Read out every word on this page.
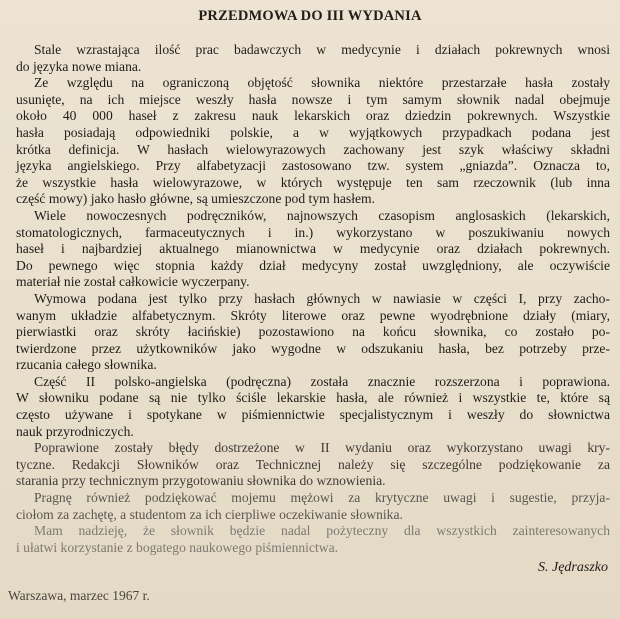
PRZEDMOWA DO III WYDANIA

Stale wzrastająca ilość prac badawczych w medycynie i działach pokrewnych wnosi
do języka nowe miana.

Ze względu na ograniczoną objętość słownika niektóre przestarzałe hasła zostały
usunięte, na ich miejsce weszły hasła nowsze i tym samym słownik nadal obejmuje
około 40 000 haseł z zakresu nauk lekarskich oraz dziedzin pokrewnych. Wszystkie
hasła posiadają odpowiedniki polskie, a w wyjątkowych przypadkach podana jest
krótka definicja. W hasłach wielowyrazowych zachowany jest szyk właściwy składni
języka angielskiego. Przy alfabetyzacji zastosowano tzw. system „gniazda”. Oznacza to,
że wszystkie hasła wielowyrazowe, w których występuje ten sam rzeczownik (lub inna
część mowy) jako hasło główne, są umieszczone pod tym hasłem.

Wiele nowoczesnych podręczników, najnowszych czasopism anglosaskich (lekarskich,
stomatologicznych, farmaceutycznych i in.) wykorzystano w poszukiwaniu nowych
haseł i najbardziej aktualnego mianownictwa w medycynie oraz działach pokrewnych.
Do pewnego więc stopnia każdy dział medycyny został uwzględniony, ale oczywiście
materiał nie został całkowicie wyczerpany.

Wymowa podana jest tylko przy hasłach głównych w nawiasie w części I, przy zacho-
wanym układzie alfabetycznym. Skróty literowe oraz pewne wyodrębnione działy (miary,
pierwiastki oraz skróty łacińskie) pozostawiono na końcu słownika, co zostało po-
twierdzone przez użytkowników jako wygodne w odszukaniu hasła, bez potrzeby prze-
rzucania całego słownika.

Część II polsko-angielska (podręczna) została znacznie rozszerzona i poprawiona.
W słowniku podane są nie tylko ściśle lekarskie hasła, ale również i wszystkie te, które są
często używane i spotykane w piśmiennictwie specjalistycznym i weszły do słownictwa
nauk przyrodniczych.

Poprawione zostały błędy dostrzeżone w II wydaniu oraz wykorzystano uwagi kry-
tyczne. Redakcji Słowników oraz Technicznej należy się szczególne podziękowanie za
starania przy technicznym przygotowaniu słownika do wznowienia.

Pragnę również podziękować mojemu mężowi za krytyczne uwagi i sugestie, przyja-
ciołom za zachętę, a studentom za ich cierpliwe oczekiwanie słownika.

Mam nadzieję, że słownik będzie nadal pożyteczny dla wszystkich zainteresowanych
i ułatwi korzystanie z bogatego naukowego piśmiennictwa.

S. Jędraszko
Warszawa, marzec 1967 r.
